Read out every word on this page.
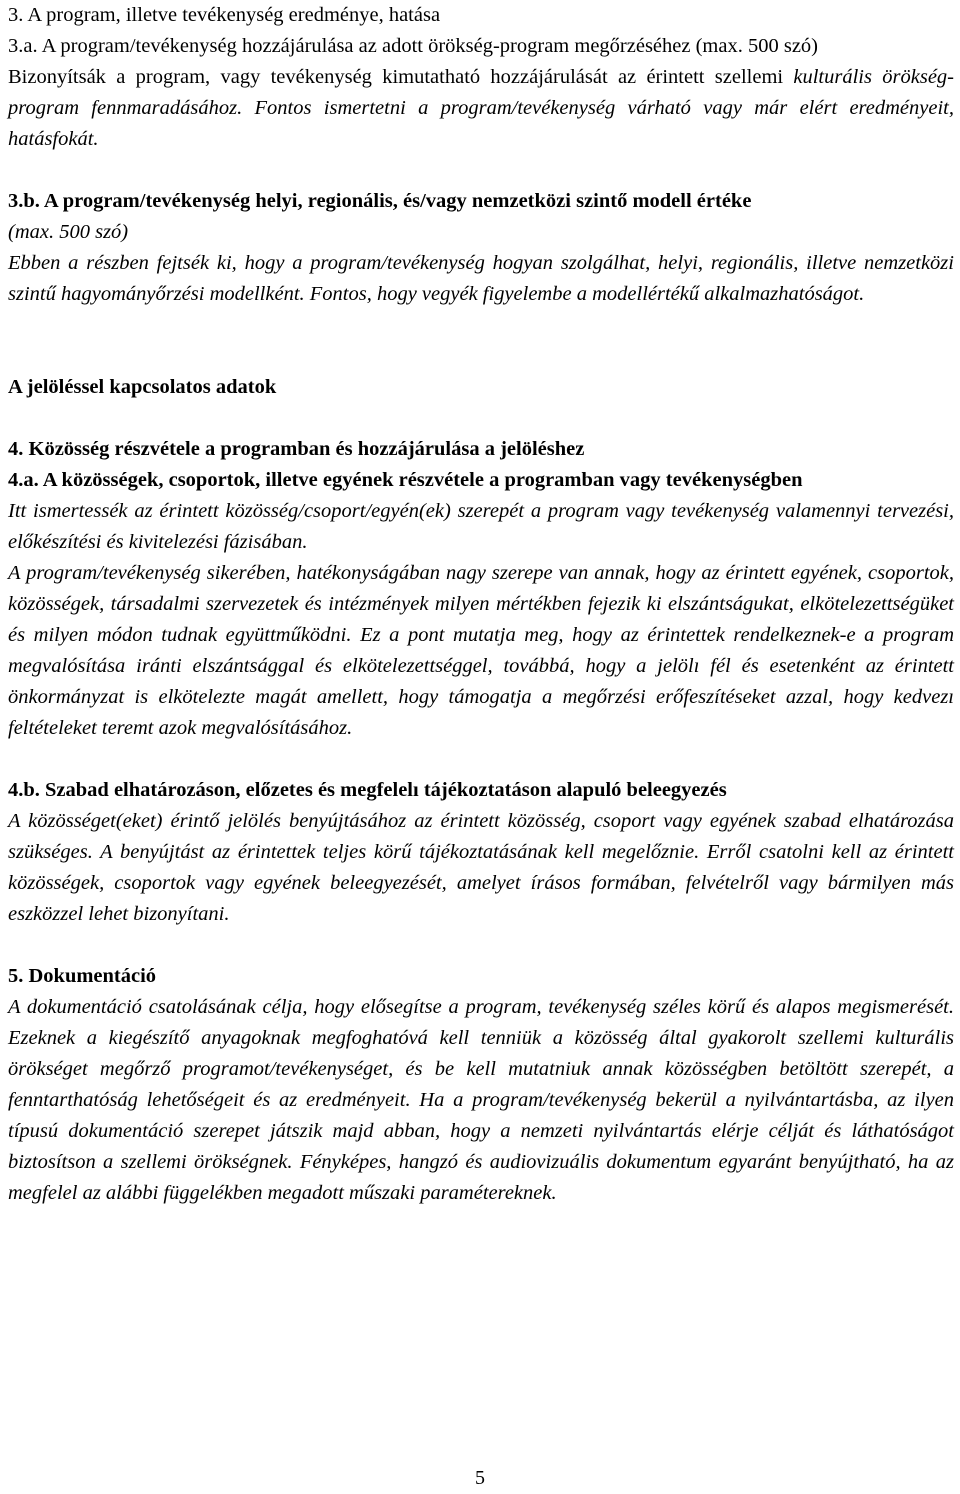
3. A program, illetve tevékenység eredménye, hatása

3.a. A program/tevékenység hozzájárulása az adott örökség-program megőrzéséhez (max. 500 szó)

Bizonyítsák a program, vagy tevékenység kimutatható hozzájárulását az érintett szellemi kulturális örökség-program fennmaradásához. Fontos ismertetni a program/tevékenység várható vagy már elért eredményeit, hatásfokát.

3.b. A program/tevékenység helyi, regionális, és/vagy nemzetközi szintő modell értéke

(max. 500 szó)

Ebben a részben fejtsék ki, hogy a program/tevékenység hogyan szolgálhat, helyi, regionális, illetve nemzetközi szintű hagyományőrzési modellként. Fontos, hogy vegyék figyelembe a modellértékű alkalmazhatóságot.

A jelöléssel kapcsolatos adatok

4. Közösség részvétele a programban és hozzájárulása a jelöléshez

4.a. A közösségek, csoportok, illetve egyének részvétele a programban vagy tevékenységben

Itt ismertessék az érintett közösség/csoport/egyén(ek) szerepét a program vagy tevékenység valamennyi tervezési, előkészítési és kivitelezési fázisában.

A program/tevékenység sikerében, hatékonyságában nagy szerepe van annak, hogy az érintett egyének, csoportok, közösségek, társadalmi szervezetek és intézmények milyen mértékben fejezik ki elszántságukat, elkötelezettségüket és milyen módon tudnak együttműködni. Ez a pont mutatja meg, hogy az érintettek rendelkeznek-e a program megvalósítása iránti elszántsággal és elkötelezettséggel, továbbá, hogy a jelölı fél és esetenként az érintett önkormányzat is elkötelezte magát amellett, hogy támogatja a megőrzési erőfeszítéseket azzal, hogy kedvezı feltételeket teremt azok megvalósításához.

4.b. Szabad elhatározáson, előzetes és megfelelı tájékoztatáson alapuló beleegyezés

A közösséget(eket) érintő jelölés benyújtásához az érintett közösség, csoport vagy egyének szabad elhatározása szükséges. A benyújtást az érintettek teljes körű tájékoztatásának kell megelőznie. Erről csatolni kell az érintett közösségek, csoportok vagy egyének beleegyezését, amelyet írásos formában, felvételről vagy bármilyen más eszközzel lehet bizonyítani.

5. Dokumentáció

A dokumentáció csatolásának célja, hogy elősegítse a program, tevékenység széles körű és alapos megismerését. Ezeknek a kiegészítő anyagoknak megfoghatóvá kell tenniük a közösség által gyakorolt szellemi kulturális örökséget megőrző programot/tevékenységet, és be kell mutatniuk annak közösségben betöltött szerepét, a fenntarthatóság lehetőségeit és az eredményeit. Ha a program/tevékenység bekerül a nyilvántartásba, az ilyen típusú dokumentáció szerepet játszik majd abban, hogy a nemzeti nyilvántartás elérje célját és láthatóságot biztosítson a szellemi örökségnek. Fényképes, hangzó és audiovizuális dokumentum egyaránt benyújtható, ha az megfelel az alábbi függelékben megadott műszaki paramétereknek.

5
